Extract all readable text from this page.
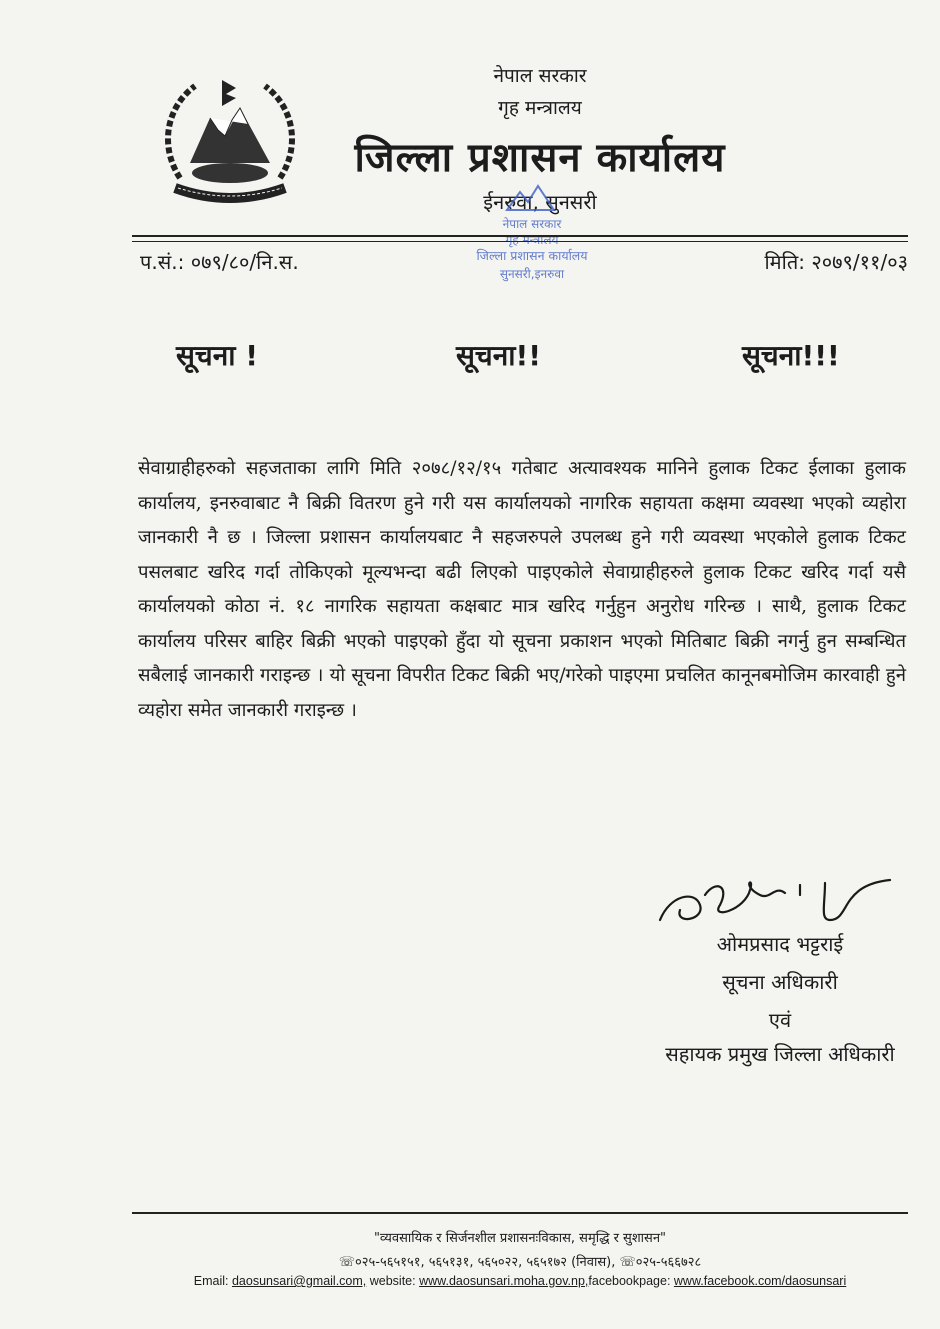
नेपाल सरकार
गृह मन्त्रालय
जिल्ला प्रशासन कार्यालय
ईनरुवा, सुनसरी
नेपाल सरकार
गृह मन्त्रालय
जिल्ला प्रशासन कार्यालय
सुनसरी,इनरुवा
प.सं.: ०७९/८०/नि.स.	मिति: २०७९/११/०३
सूचना !	सूचना!!	सूचना!!!
सेवाग्राहीहरुको सहजताका लागि मिति २०७८/१२/१५ गतेबाट अत्यावश्यक मानिने हुलाक टिकट ईलाका हुलाक कार्यालय, इनरुवाबाट नै बिक्री वितरण हुने गरी यस कार्यालयको नागरिक सहायता कक्षमा व्यवस्था भएको व्यहोरा जानकारी नै छ । जिल्ला प्रशासन कार्यालयबाट नै सहजरुपले उपलब्ध हुने गरी व्यवस्था भएकोले हुलाक टिकट पसलबाट खरिद गर्दा तोकिएको मूल्यभन्दा बढी लिएको पाइएकोले सेवाग्राहीहरुले हुलाक टिकट खरिद गर्दा यसै कार्यालयको कोठा नं. १८ नागरिक सहायता कक्षबाट मात्र खरिद गर्नुहुन अनुरोध गरिन्छ । साथै, हुलाक टिकट कार्यालय परिसर बाहिर बिक्री भएको पाइएको हुँदा यो सूचना प्रकाशन भएको मितिबाट बिक्री नगर्नु हुन सम्बन्धित सबैलाई जानकारी गराइन्छ । यो सूचना विपरीत टिकट बिक्री भए/गरेको पाइएमा प्रचलित कानूनबमोजिम कारवाही हुने व्यहोरा समेत जानकारी गराइन्छ ।
ओमप्रसाद भट्टराई
सूचना अधिकारी
एवं
सहायक प्रमुख जिल्ला अधिकारी
"व्यवसायिक र सिर्जनशील प्रशासनःविकास, समृद्धि र सुशासन"
☏०२५-५६५१५१, ५६५१३१, ५६५०२२, ५६५१७२ (निवास), ☏०२५-५६६७२८
Email: daosunsari@gmail.com, website: www.daosunsari.moha.gov.np,facebookpage: www.facebook.com/daosunsari
